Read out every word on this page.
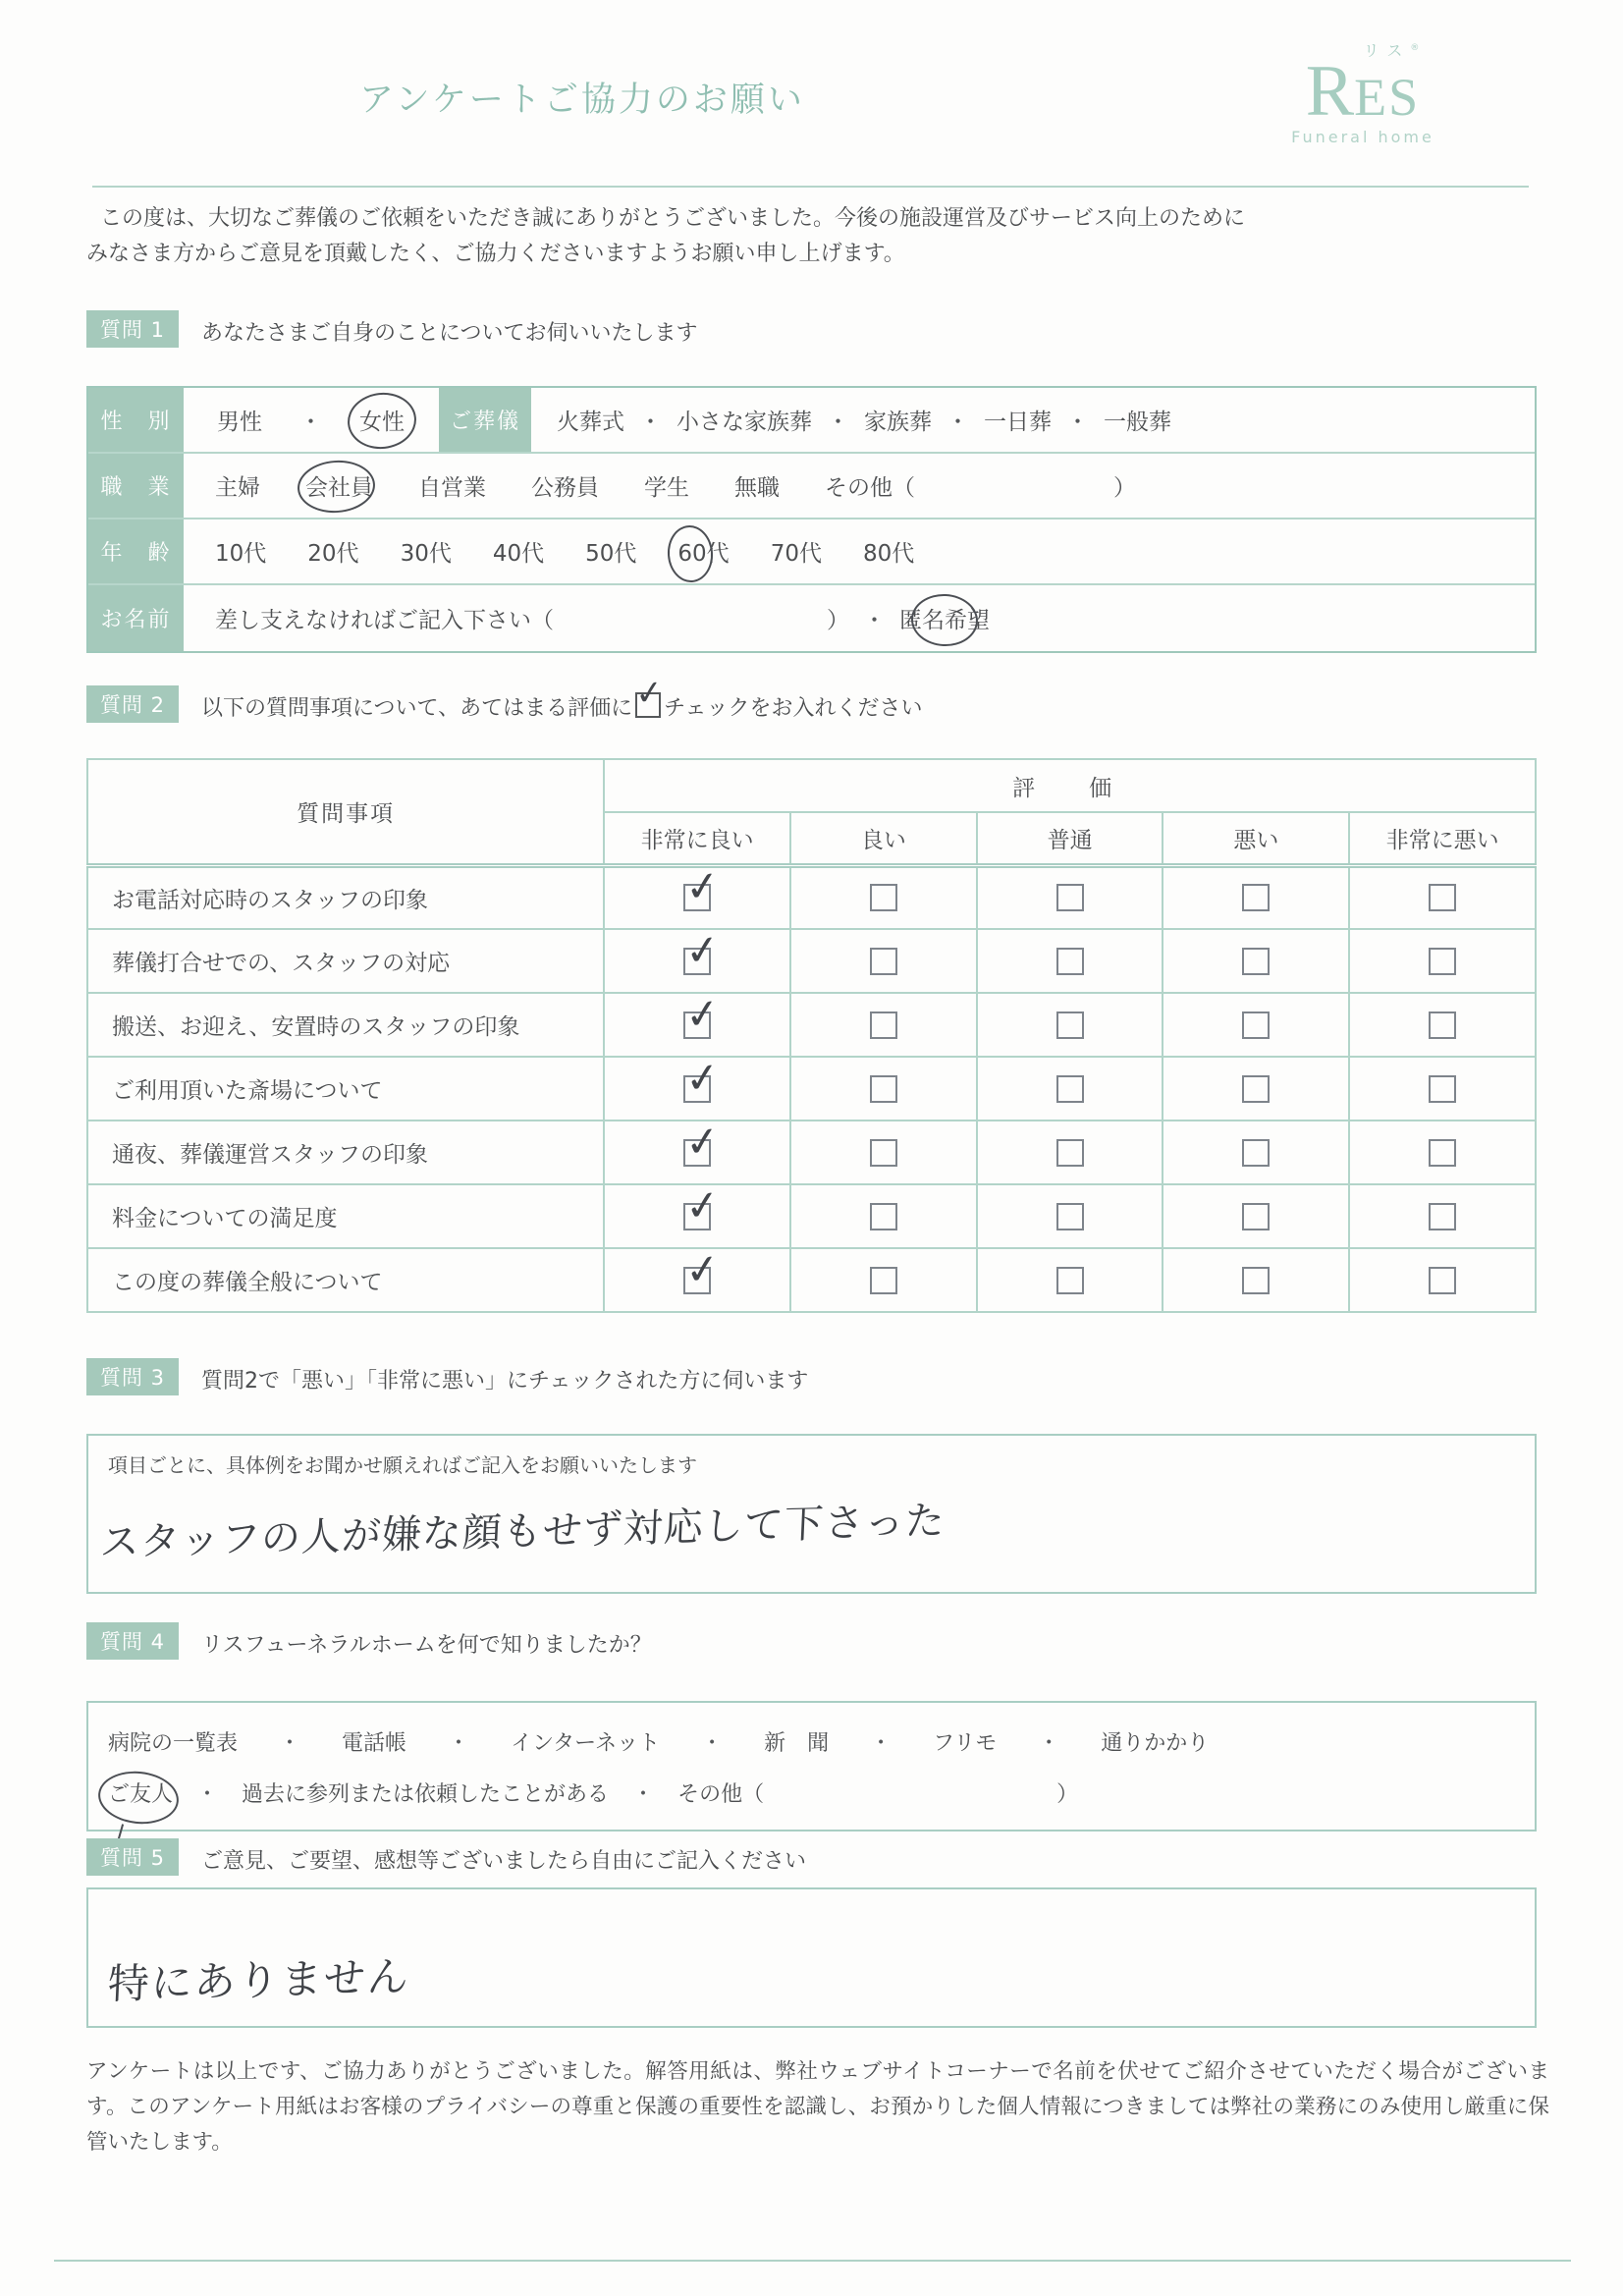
アンケートご協力のお願い
リス®
RES
Funeral home
この度は、大切なご葬儀のご依頼をいただき誠にありがとうございました。今後の施設運営及びサービス向上のために
みなさま方からご意見を頂戴したく、ご協力くださいますようお願い申し上げます。
質問 1	あなたさまご自身のことについてお伺いいたします
性　別	男性 ・ 女性	ご葬儀	火葬式 ・ 小さな家族葬 ・ 家族葬 ・ 一日葬 ・ 一般葬
職　業	主婦 会社員 自営業 公務員 学生 無職 その他（	）
年　齢	10代 20代 30代 40代 50代 60代 70代 80代
お名前	差し支えなければご記入下さい（	） ・ 匿名希望
質問 2	以下の質問事項について、あてはまる評価に ✓
チェックをお入れください
質問事項	評　価				
	非常に良い	良い	普通	悪い	非常に悪い
お電話対応時のスタッフの印象	✓				

葬儀打合せでの、スタッフの対応	✓				

搬送、お迎え、安置時のスタッフの印象	✓				

ご利用頂いた斎場について	✓				

通夜、葬儀運営スタッフの印象	✓				

料金についての満足度	✓				

この度の葬儀全般について	✓				

質問 3	質問2で「悪い」「非常に悪い」にチェックされた方に伺います
項目ごとに、具体例をお聞かせ願えればご記入をお願いいたします
スタッフの人が嫌な顔もせず対応して下さった
質問 4	リスフューネラルホームを何で知りましたか？
病院の一覧表 ・ 電話帳 ・ インターネット ・ 新　聞 ・ フリモ ・ 通りかかり
ご友人 ・ 過去に参列または依頼したことがある ・ その他（	）
質問 5	ご意見、ご要望、感想等ございましたら自由にご記入ください
特にありません
アンケートは以上です、ご協力ありがとうございました。解答用紙は、弊社ウェブサイトコーナーで名前を伏せてご紹介させていただく場合がございます。このアンケート用紙はお客様のプライバシーの尊重と保護の重要性を認識し、お預かりした個人情報につきましては弊社の業務にのみ使用し厳重に保管いたします。
